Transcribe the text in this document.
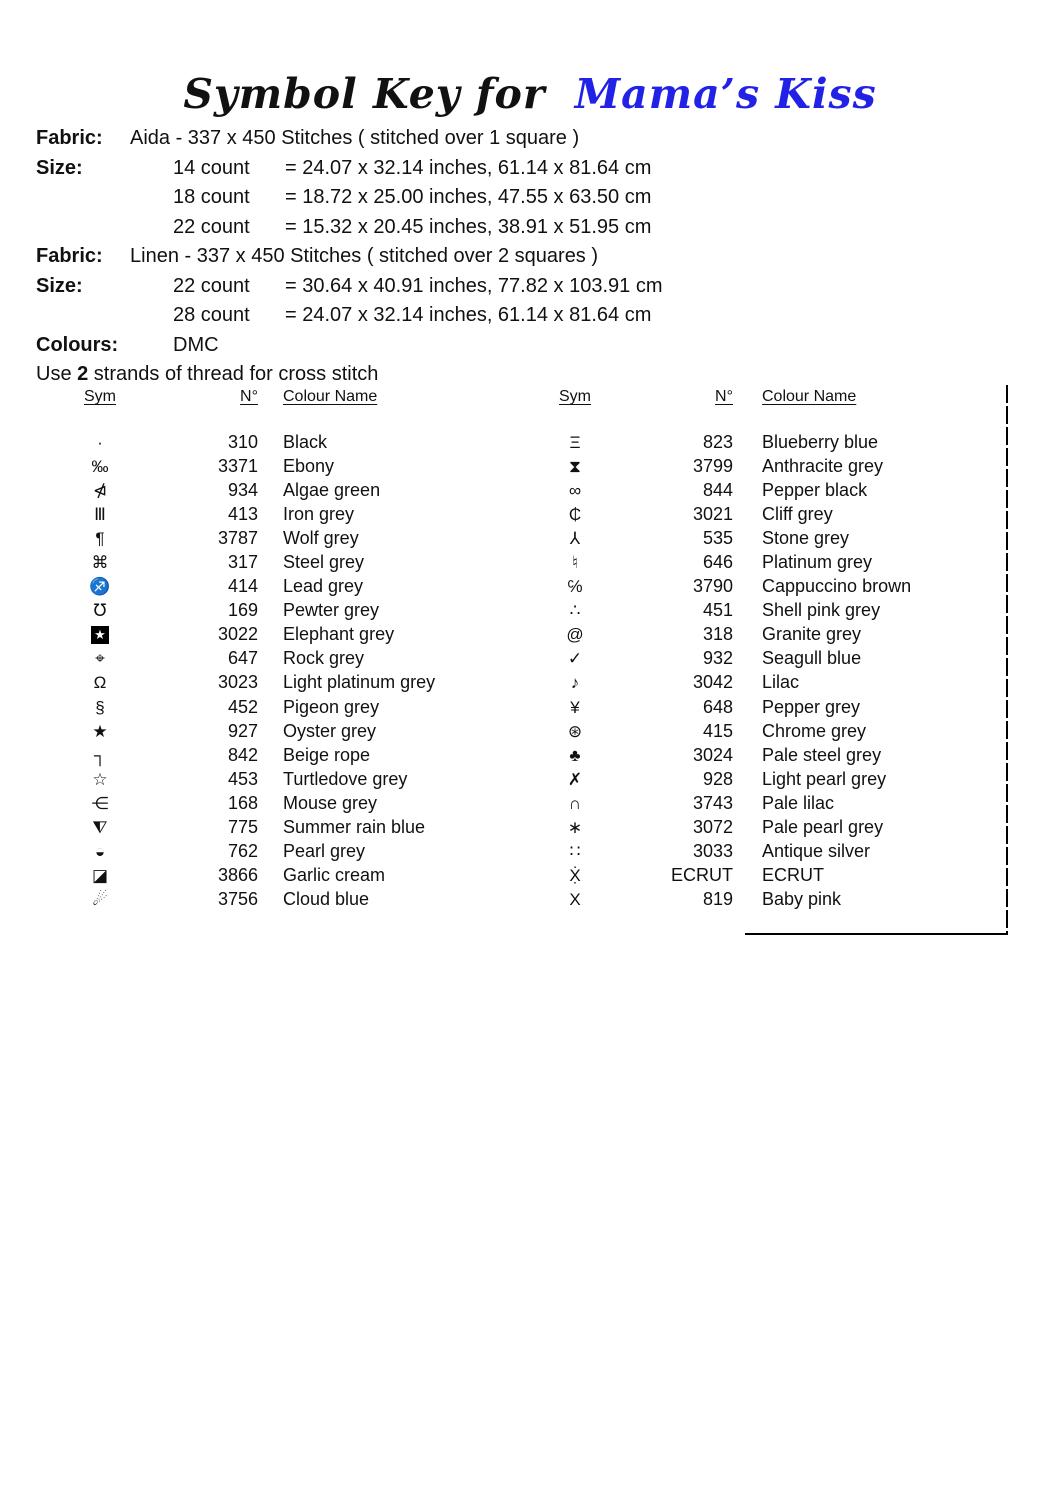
Symbol Key for Mama’s Kiss
Fabric: Aida - 337 x 450 Stitches ( stitched over 1 square )
Size:	14 count = 24.07 x 32.14 inches, 61.14 x 81.64 cm
18 count = 18.72 x 25.00 inches, 47.55 x 63.50 cm
22 count = 15.32 x 20.45 inches, 38.91 x 51.95 cm
Fabric: Linen - 337 x 450 Stitches ( stitched over 2 squares )
Size:	22 count = 30.64 x 40.91 inches, 77.82 x 103.91 cm
28 count = 24.07 x 32.14 inches, 61.14 x 81.64 cm
Colours:	DMC
Use 2 strands of thread for cross stitch
Sym	N° Colour Name
·	310	Black
‰	3371	Ebony
⋪	934	Algae green
Ⅲ	413	Iron grey
¶	3787	Wolf grey
⌘	317	Steel grey
♐	414	Lead grey
℧	169	Pewter grey
★	3022	Elephant grey
⌖	647	Rock grey
Ω	3023	Light platinum grey
§	452	Pigeon grey
★	927	Oyster grey
┐	842	Beige rope
☆	453	Turtledove grey
⋲	168	Mouse grey
⧨	775	Summer rain blue
◒	762	Pearl grey
◪	3866	Garlic cream
☄	3756	Cloud blue
Sym	N° Colour Name
Ξ	823	Blueberry blue
⧗	3799	Anthracite grey
∞	844	Pepper black
₵	3021	Cliff grey
⅄	535	Stone grey
♮	646	Platinum grey
℅	3790	Cappuccino brown
∴	451	Shell pink grey
@	318	Granite grey
✓	932	Seagull blue
♪	3042	Lilac
¥	648	Pepper grey
⊛	415	Chrome grey
♣	3024	Pale steel grey
✗	928	Light pearl grey
∩	3743	Pale lilac
∗	3072	Pale pearl grey
∷	3033	Antique silver
Ẋ̣	ECRUT	ECRUT
X	819	Baby pink
